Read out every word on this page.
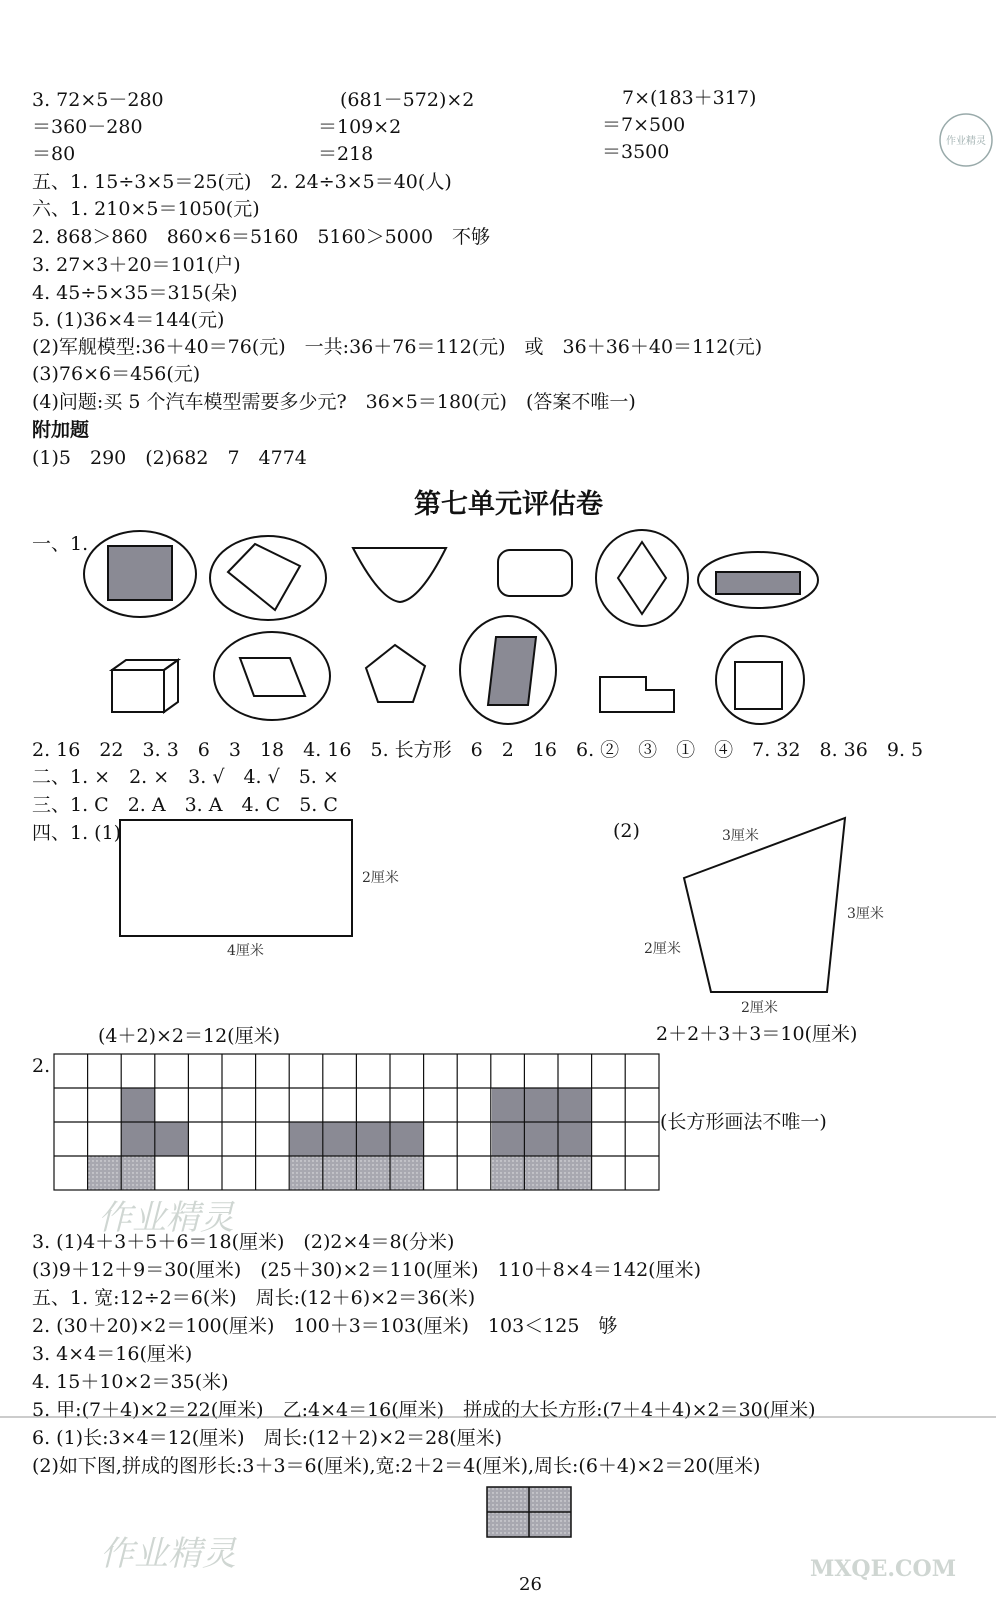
作业精灵
3. 72×5－280	(681－572)×2	7×(183＋317)
＝360－280	＝109×2	＝7×500
＝80	＝218	＝3500
五、1. 15÷3×5＝25(元)　2. 24÷3×5＝40(人)
六、1. 210×5＝1050(元)
2. 868＞860　860×6＝5160　5160＞5000　不够
3. 27×3＋20＝101(户)
4. 45÷5×35＝315(朵)
5. (1)36×4＝144(元)
(2)军舰模型:36＋40＝76(元)　一共:36＋76＝112(元)　或　36＋36＋40＝112(元)
(3)76×6＝456(元)
(4)问题:买 5 个汽车模型需要多少元?　36×5＝180(元)　(答案不唯一)
附加题
(1)5　290　(2)682　7　4774
第七单元评估卷
一、1.
2. 16　22　3. 3　6　3　18　4. 16　5. 长方形　6　2　16　6. ②　③　①　④　7. 32　8. 36　9. 5
二、1. ×　2. ×　3. √　4. √　5. ×
三、1. C　2. A　3. A　4. C　5. C
四、1. (1)	(2)
4厘米
2厘米
3厘米
3厘米
2厘米
2厘米
(4＋2)×2＝12(厘米)	2＋2＋3＋3＝10(厘米)
2.
(长方形画法不唯一)
3. (1)4＋3＋5＋6＝18(厘米)　(2)2×4＝8(分米)
(3)9＋12＋9＝30(厘米)　(25＋30)×2＝110(厘米)　110＋8×4＝142(厘米)
五、1. 宽:12÷2＝6(米)　周长:(12＋6)×2＝36(米)
2. (30＋20)×2＝100(厘米)　100＋3＝103(厘米)　103＜125　够
3. 4×4＝16(厘米)
4. 15＋10×2＝35(米)
5. 甲:(7＋4)×2＝22(厘米)　乙:4×4＝16(厘米)　拼成的大长方形:(7＋4＋4)×2＝30(厘米)
6. (1)长:3×4＝12(厘米)　周长:(12＋2)×2＝28(厘米)
(2)如下图,拼成的图形长:3＋3＝6(厘米),宽:2＋2＝4(厘米),周长:(6＋4)×2＝20(厘米)
作业精灵
作业精灵	MXQE.COM
26
